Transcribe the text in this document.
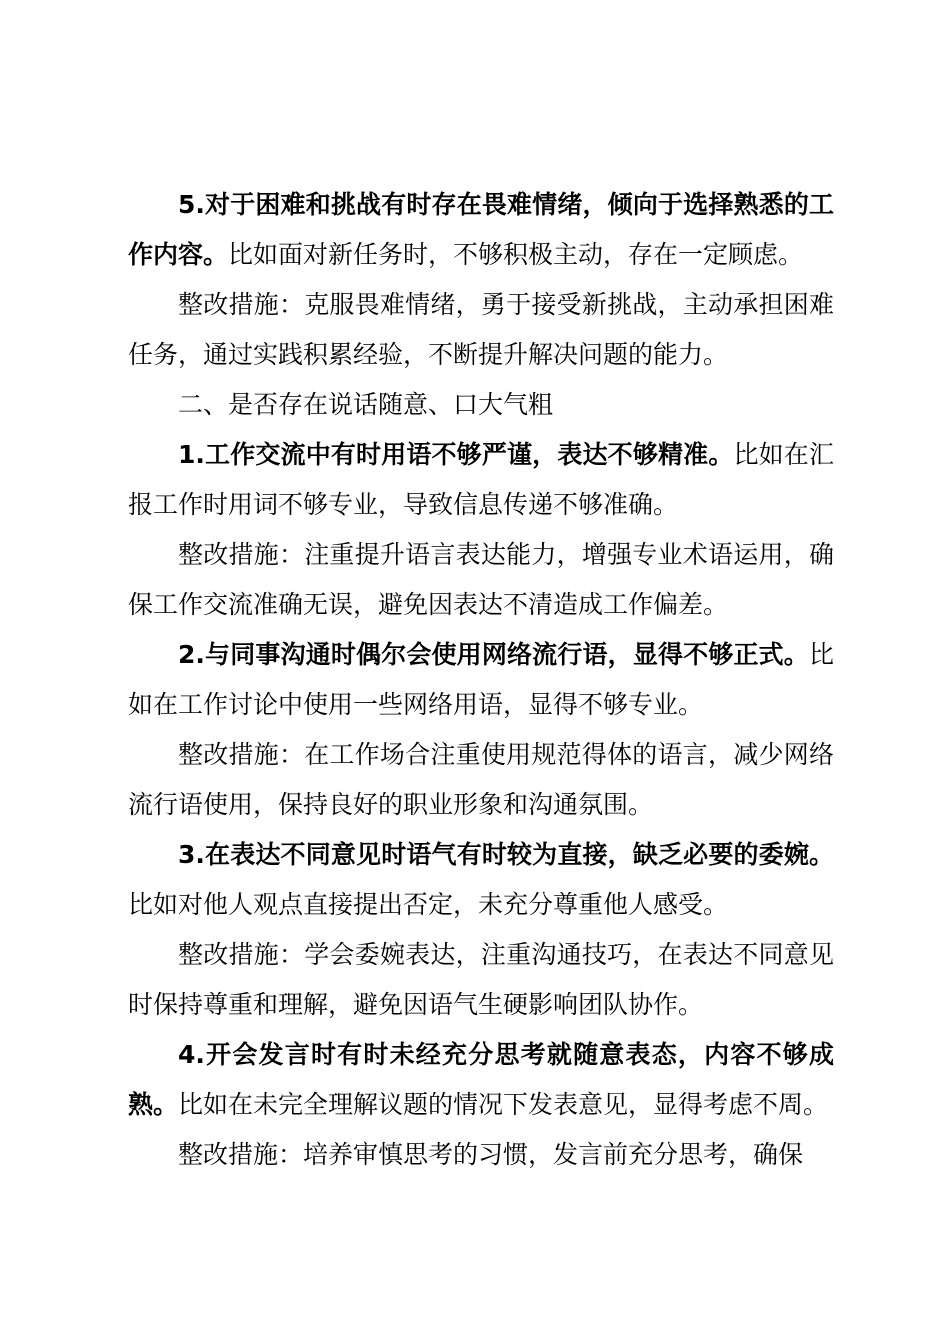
5.对于困难和挑战有时存在畏难情绪，倾向于选择熟悉的工作内容。比如面对新任务时，不够积极主动，存在一定顾虑。

整改措施：克服畏难情绪，勇于接受新挑战，主动承担困难任务，通过实践积累经验，不断提升解决问题的能力。

二、是否存在说话随意、口大气粗

1.工作交流中有时用语不够严谨，表达不够精准。比如在汇报工作时用词不够专业，导致信息传递不够准确。

整改措施：注重提升语言表达能力，增强专业术语运用，确保工作交流准确无误，避免因表达不清造成工作偏差。

2.与同事沟通时偶尔会使用网络流行语，显得不够正式。比如在工作讨论中使用一些网络用语，显得不够专业。

整改措施：在工作场合注重使用规范得体的语言，减少网络流行语使用，保持良好的职业形象和沟通氛围。

3.在表达不同意见时语气有时较为直接，缺乏必要的委婉。比如对他人观点直接提出否定，未充分尊重他人感受。

整改措施：学会委婉表达，注重沟通技巧，在表达不同意见时保持尊重和理解，避免因语气生硬影响团队协作。

4.开会发言时有时未经充分思考就随意表态，内容不够成熟。比如在未完全理解议题的情况下发表意见，显得考虑不周。

整改措施：培养审慎思考的习惯，发言前充分思考，确保
